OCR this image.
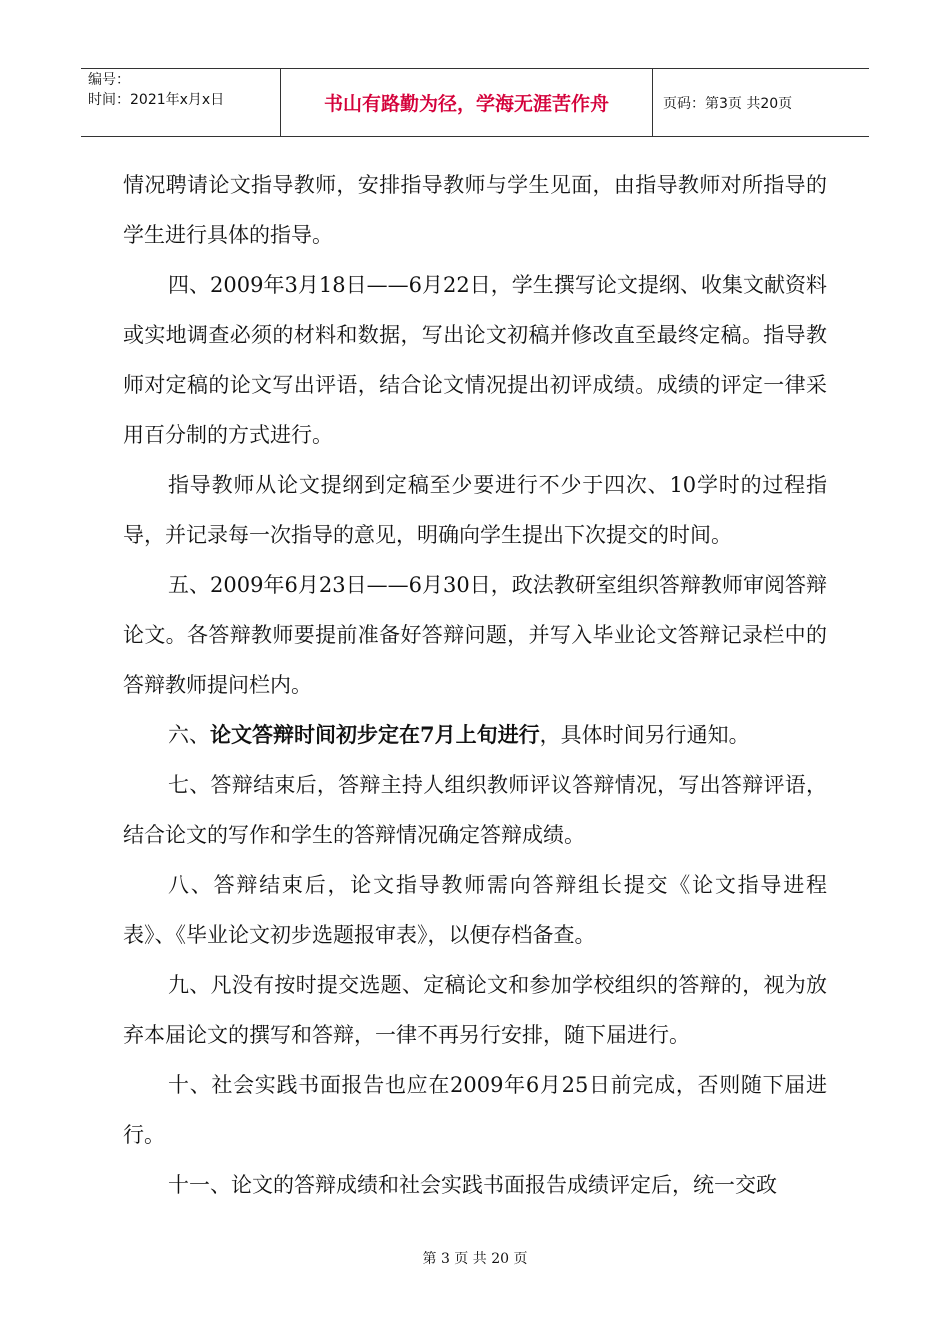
编号：
时间：2021年x月x日	书山有路勤为径，学海无涯苦作舟	页码：第3页 共20页

情况聘请论文指导教师，安排指导教师与学生见面，由指导教师对所指导的学生进行具体的指导。

四、2009年3月18日——6月22日，学生撰写论文提纲、收集文献资料或实地调查必须的材料和数据，写出论文初稿并修改直至最终定稿。指导教师对定稿的论文写出评语，结合论文情况提出初评成绩。成绩的评定一律采用百分制的方式进行。

指导教师从论文提纲到定稿至少要进行不少于四次、10学时的过程指导，并记录每一次指导的意见，明确向学生提出下次提交的时间。

五、2009年6月23日——6月30日，政法教研室组织答辩教师审阅答辩论文。各答辩教师要提前准备好答辩问题，并写入毕业论文答辩记录栏中的答辩教师提问栏内。

六、论文答辩时间初步定在7月上旬进行，具体时间另行通知。

七、答辩结束后，答辩主持人组织教师评议答辩情况，写出答辩评语，结合论文的写作和学生的答辩情况确定答辩成绩。

八、答辩结束后，论文指导教师需向答辩组长提交《论文指导进程表》、《毕业论文初步选题报审表》，以便存档备查。

九、凡没有按时提交选题、定稿论文和参加学校组织的答辩的，视为放弃本届论文的撰写和答辩，一律不再另行安排，随下届进行。

十、社会实践书面报告也应在2009年6月25日前完成，否则随下届进行。

十一、论文的答辩成绩和社会实践书面报告成绩评定后，统一交政

第 3 页 共 20 页
